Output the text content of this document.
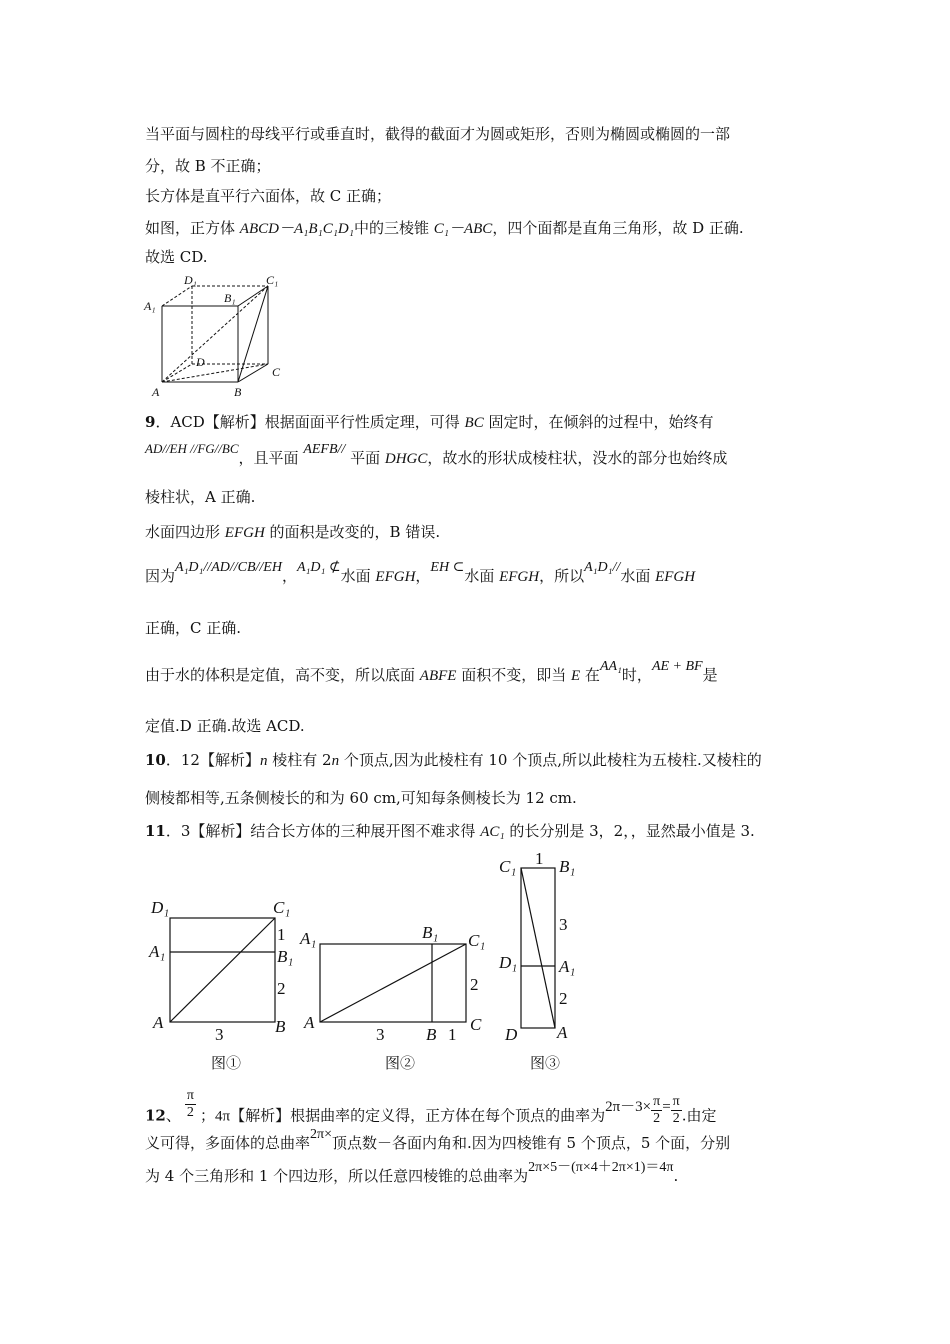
当平面与圆柱的母线平行或垂直时，截得的截面才为圆或矩形，否则为椭圆或椭圆的一部
分，故 B 不正确；
长方体是直平行六面体，故 C 正确；
如图，正方体 ABCD－A₁B₁C₁D₁中的三棱锥 C₁－ABC，四个面都是直角三角形，故 D 正确.
故选 CD.
D₁	C₁
A₁
B₁
D
C
A	B
9．ACD【解析】根据面面平行性质定理，可得 BC 固定时，在倾斜的过程中，始终有
AD//EH //FG//BC，且平面 AEFB// 平面 DHGC，故水的形状成棱柱状，没水的部分也始终成
棱柱状，A 正确.
水面四边形 EFGH 的面积是改变的，B 错误.
因为A₁D₁//AD//CB//EH，A₁D₁ ⊄水面 EFGH，EH ⊂水面 EFGH，所以A₁D₁//水面 EFGH
正确，C 正确.
由于水的体积是定值，高不变，所以底面 ABFE 面积不变，即当 E 在AA₁时，AE + BF是
定值.D 正确.故选 ACD.
10．12【解析】n 棱柱有 2n 个顶点,因为此棱柱有 10 个顶点,所以此棱柱为五棱柱.又棱柱的
侧棱都相等,五条侧棱长的和为 60 cm,可知每条侧棱长为 12 cm.
11．3【解析】结合长方体的三种展开图不难求得 AC₁ 的长分别是 3，2，，显然最小值是 3.
D₁	C₁
A₁	B₁
1
2
A
3	B
图①
A₁	B₁ C₁
2
A
3 B 1
C
图②
C₁ 1 B₁
3
D₁ A₁
2
D A
图③
12、 $\frac{\pi}{2}$ ；4π【解析】根据曲率的定义得，正方体在每个顶点的曲率为$2\pi-3\times \frac{\pi}{2} = \frac{\pi}{2}$ .由定
义可得，多面体的总曲率2π×顶点数－各面内角和.因为四棱锥有 5 个顶点，5 个面，分别
为 4 个三角形和 1 个四边形，所以任意四棱锥的总曲率为2π×5－(π×4＋2π×1)＝4π.
